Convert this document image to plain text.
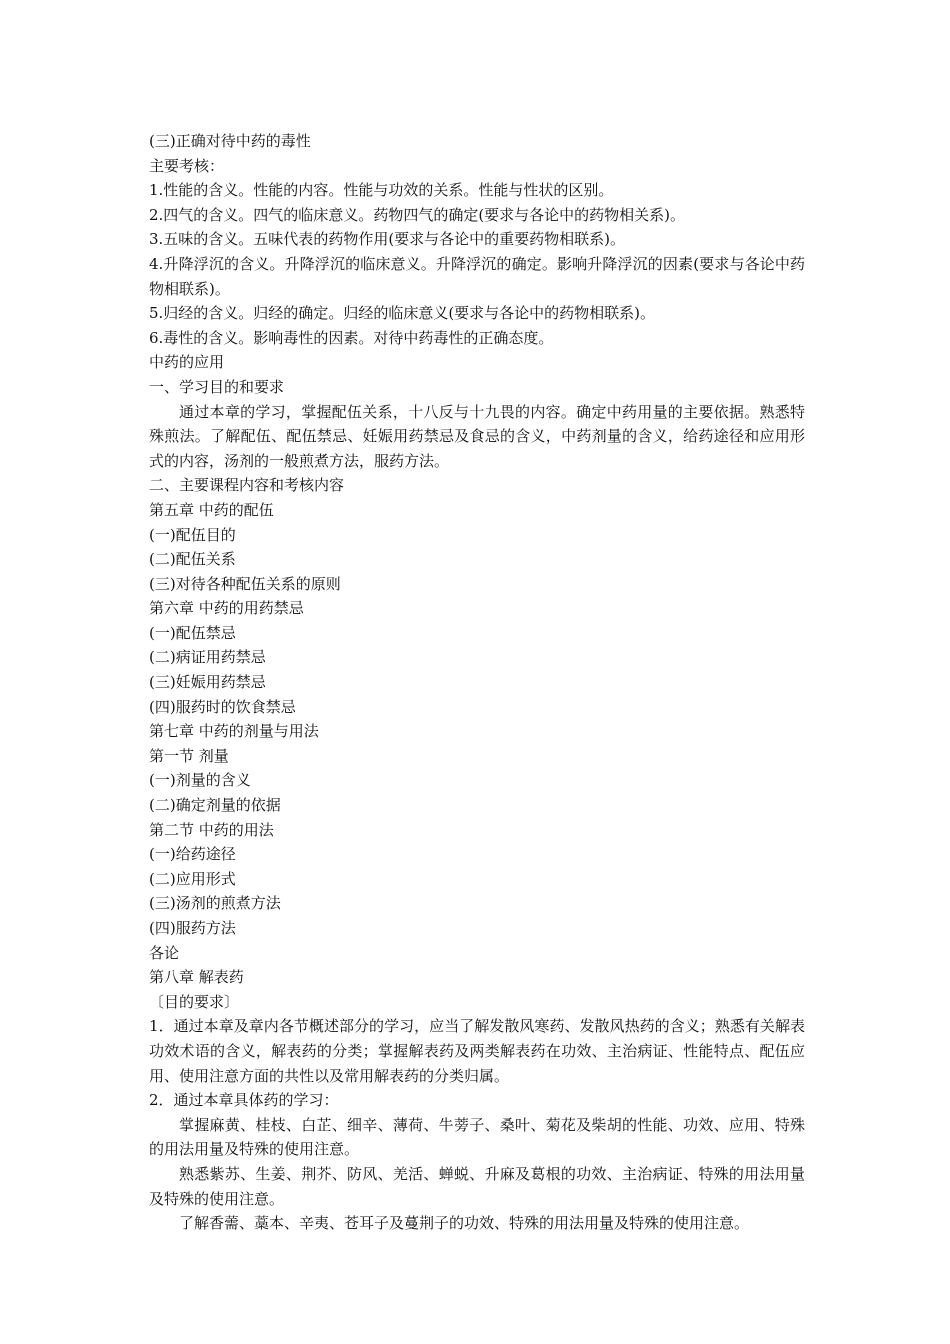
(三)正确对待中药的毒性
主要考核：
1.性能的含义。性能的内容。性能与功效的关系。性能与性状的区别。
2.四气的含义。四气的临床意义。药物四气的确定(要求与各论中的药物相关系)。
3.五味的含义。五味代表的药物作用(要求与各论中的重要药物相联系)。
4.升降浮沉的含义。升降浮沉的临床意义。升降浮沉的确定。影响升降浮沉的因素(要求与各论中药物相联系)。
5.归经的含义。归经的确定。归经的临床意义(要求与各论中的药物相联系)。
6.毒性的含义。影响毒性的因素。对待中药毒性的正确态度。
中药的应用
一、学习目的和要求
通过本章的学习，掌握配伍关系，十八反与十九畏的内容。确定中药用量的主要依据。熟悉特殊煎法。了解配伍、配伍禁忌、妊娠用药禁忌及食忌的含义，中药剂量的含义，给药途径和应用形式的内容，汤剂的一般煎煮方法，服药方法。
二、主要课程内容和考核内容
第五章 中药的配伍
(一)配伍目的
(二)配伍关系
(三)对待各种配伍关系的原则
第六章 中药的用药禁忌
(一)配伍禁忌
(二)病证用药禁忌
(三)妊娠用药禁忌
(四)服药时的饮食禁忌
第七章 中药的剂量与用法
第一节 剂量
(一)剂量的含义
(二)确定剂量的依据
第二节 中药的用法
(一)给药途径
(二)应用形式
(三)汤剂的煎煮方法
(四)服药方法
各论
第八章 解表药
〔目的要求〕
1．通过本章及章内各节概述部分的学习，应当了解发散风寒药、发散风热药的含义；熟悉有关解表功效术语的含义，解表药的分类；掌握解表药及两类解表药在功效、主治病证、性能特点、配伍应用、使用注意方面的共性以及常用解表药的分类归属。
2．通过本章具体药的学习：
掌握麻黄、桂枝、白芷、细辛、薄荷、牛蒡子、桑叶、菊花及柴胡的性能、功效、应用、特殊的用法用量及特殊的使用注意。
熟悉紫苏、生姜、荆芥、防风、羌活、蝉蜕、升麻及葛根的功效、主治病证、特殊的用法用量及特殊的使用注意。
了解香薷、藁本、辛夷、苍耳子及蔓荆子的功效、特殊的用法用量及特殊的使用注意。
